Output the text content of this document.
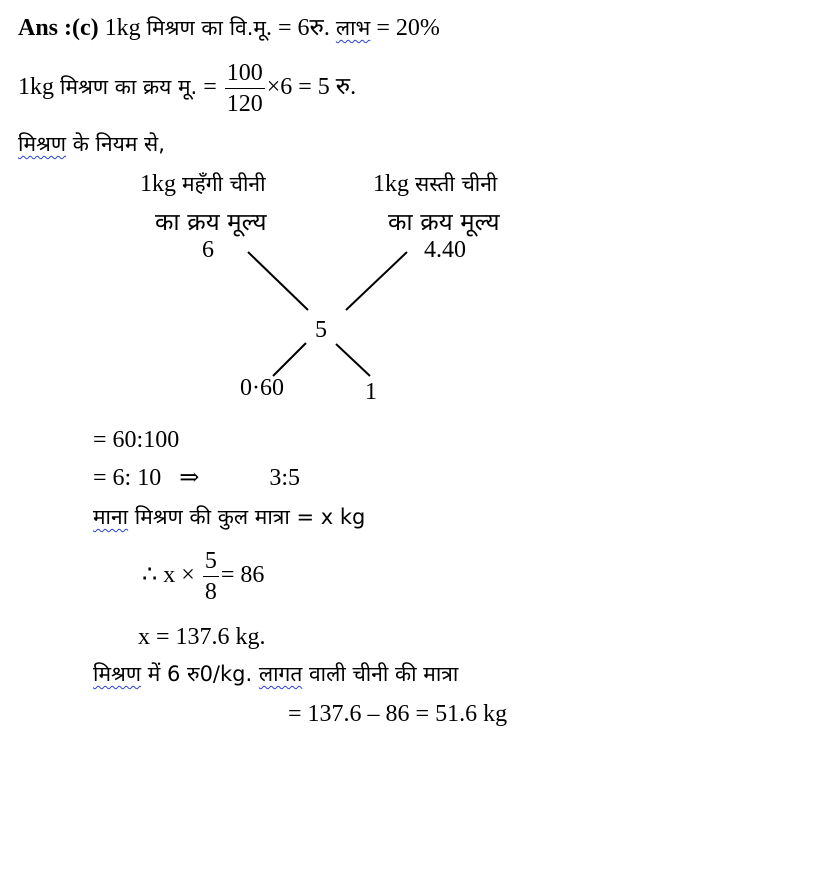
Ans :(c) 1kg मिश्रण का वि.मू. = 6रु. लाभ = 20%
1kg मिश्रण का क्रय मू. = $\frac{100}{120} \times 6 = 5$ रु.
मिश्रण के नियम से,
1kg महँगी चीनी
का क्रय मूल्य
6
1kg सस्ती चीनी
का क्रय मूल्य
4.40
5
0·60	1
= 60:100
= 6: 10 ⇒	3:5
माना मिश्रण की कुल मात्रा = x kg
∴ $x \times \frac{5}{8} = 86$
x = 137.6 kg.
मिश्रण में 6 रु0/kg. लागत वाली चीनी की मात्रा
= 137.6 – 86 = 51.6 kg
